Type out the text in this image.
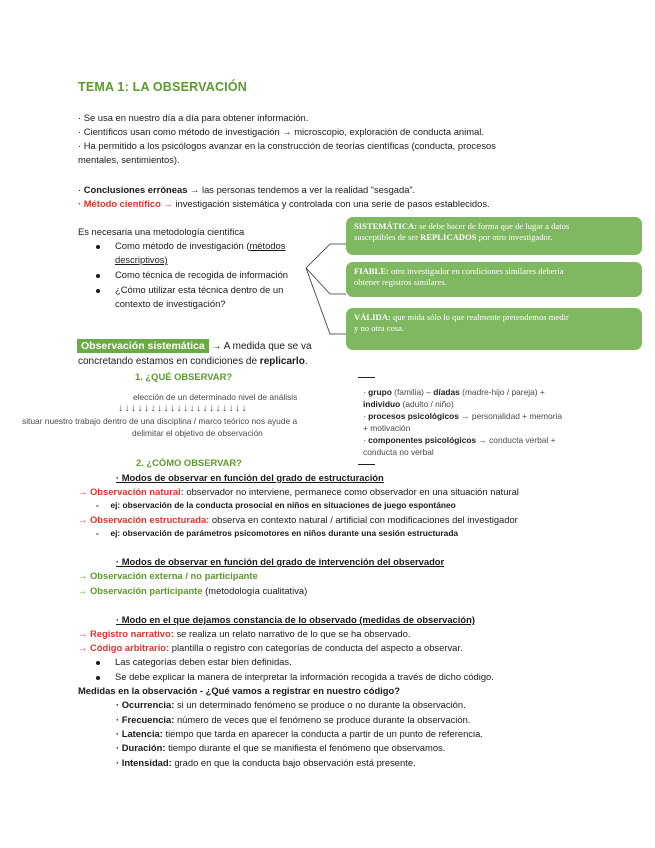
TEMA 1: LA OBSERVACIÓN
· Se usa en nuestro día a día para obtener información.
· Científicos usan como método de investigación → microscopio, exploración de conducta animal.
· Ha permitido a los psicólogos avanzar en la construcción de teorías científicas (conducta, procesos
mentales, sentimientos).
· Conclusiones erróneas → las personas tendemos a ver la realidad “sesgada”.
· Método científico → investigación sistemática y controlada con una serie de pasos establecidos.
Es necesaria una metodología científica
Como método de investigación (métodos
descriptivos)
Como técnica de recogida de información
¿Cómo utilizar esta técnica dentro de un
contexto de investigación?
SISTEMÁTICA: se debe hacer de forma que de lugar a datos
susceptibles de ser REPLICADOS por otro investigador.
FIABLE: otro investigador en condiciones similares debería
obtener registros similares.
VÁLIDA: que mida sólo lo que realmente pretendemos medir
y no otra cosa.
Observación sistemática → A medida que se va
concretando estamos en condiciones de replicarlo.
1. ¿QUÉ OBSERVAR?
elección de un determinado nivel de análisis
↓↓↓↓↓↓↓↓↓↓↓↓↓↓↓↓↓↓↓↓
situar nuestro trabajo dentro de una disciplina / marco teórico nos ayude a
delimitar el objetivo de observación
· grupo (familia) – díadas (madre-hijo / pareja) +
individuo (adulto / niño)
· procesos psicológicos → personalidad + memoria
+ motivación
· componentes psicológicos → conducta verbal +
conducta no verbal
2. ¿CÓMO OBSERVAR?
· Modos de observar en función del grado de estructuración
→ Observación natural: observador no interviene, permanece como observador en una situación natural
-     ej: observación de la conducta prosocial en niños en situaciones de juego espontáneo
→ Observación estructurada: observa en contexto natural / artificial con modificaciones del investigador
-     ej: observación de parámetros psicomotores en niños durante una sesión estructurada
· Modos de observar en función del grado de intervención del observador
→ Observación externa / no participante
→ Observación participante (metodología cualitativa)
· Modo en el que dejamos constancia de lo observado (medidas de observación)
→ Registro narrativo: se realiza un relato narrativo de lo que se ha observado.
→ Código arbitrario: plantilla o registro con categorías de conducta del aspecto a observar.
Las categorías deben estar bien definidas.
Se debe explicar la manera de interpretar la información recogida a través de dicho código.
Medidas en la observación - ¿Qué vamos a registrar en nuestro código?
· Ocurrencia: si un determinado fenómeno se produce o no durante la observación.
· Frecuencia: número de veces que el fenómeno se produce durante la observación.
· Latencia: tiempo que tarda en aparecer la conducta a partir de un punto de referencia.
· Duración: tiempo durante el que se manifiesta el fenómeno que observamos.
· Intensidad: grado en que la conducta bajo observación está presente.
